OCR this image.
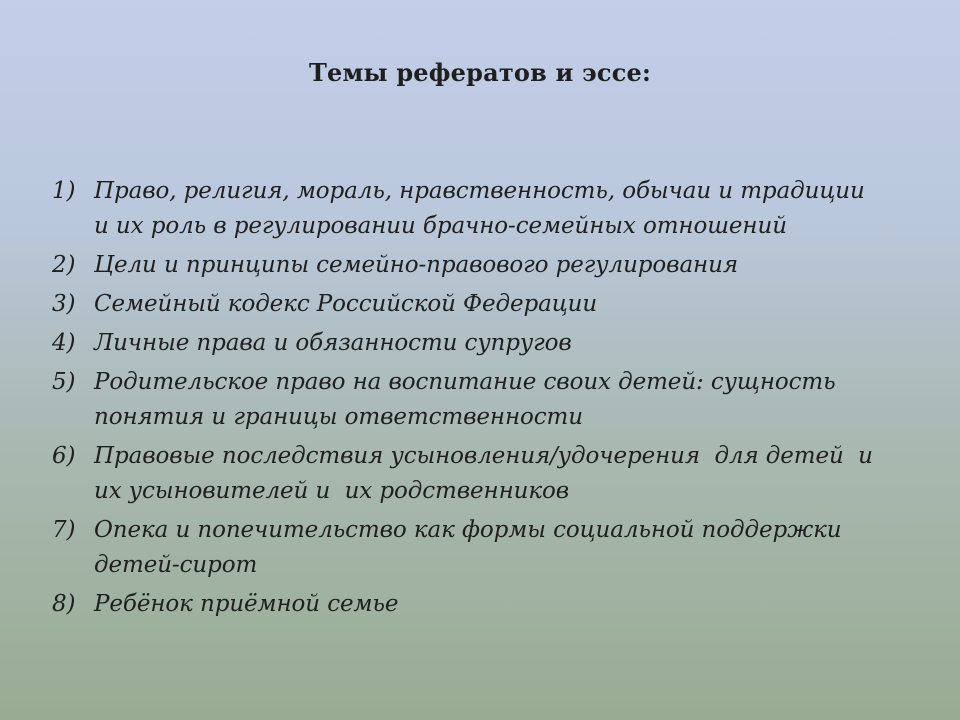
Темы рефератов и эссе:
1) Право, религия, мораль, нравственность, обычаи и традиции
и их роль в регулировании брачно-семейных отношений
2) Цели и принципы семейно-правового регулирования
3) Семейный кодекс Российской Федерации
4) Личные права и обязанности супругов
5) Родительское право на воспитание своих детей: сущность
понятия и границы ответственности
6) Правовые последствия усыновления/удочерения  для детей  и
их усыновителей и  их родственников
7) Опека и попечительство как формы социальной поддержки
детей-сирот
8) Ребёнок приёмной семье
